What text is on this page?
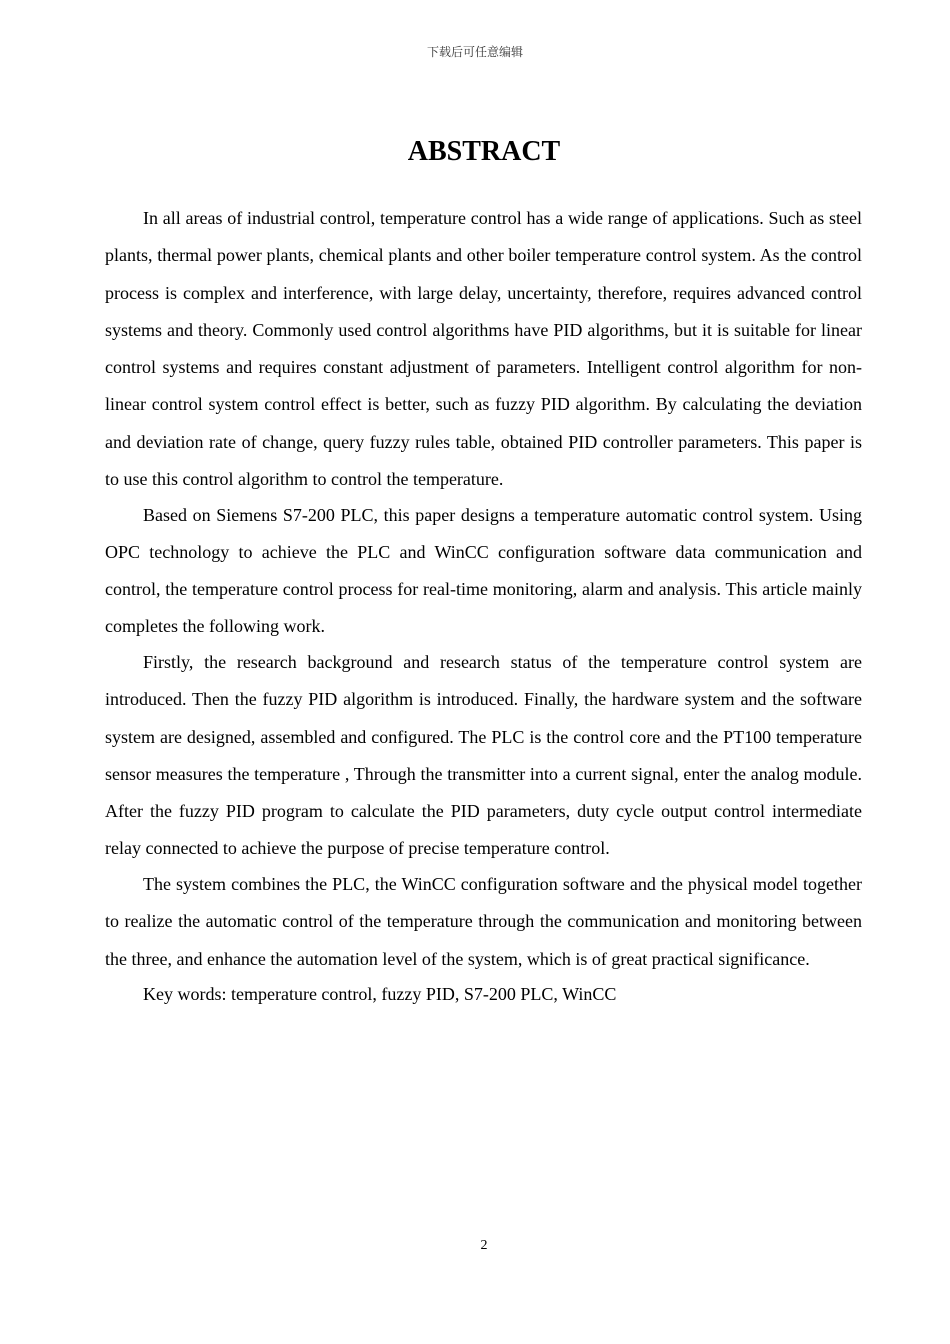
下载后可任意编辑
ABSTRACT

In all areas of industrial control, temperature control has a wide range of applications. Such as steel plants, thermal power plants, chemical plants and other boiler temperature control system. As the control process is complex and interference, with large delay, uncertainty, therefore, requires advanced control systems and theory. Commonly used control algorithms have PID algorithms, but it is suitable for linear control systems and requires constant adjustment of parameters. Intelligent control algorithm for non-linear control system control effect is better, such as fuzzy PID algorithm. By calculating the deviation and deviation rate of change, query fuzzy rules table, obtained PID controller parameters. This paper is to use this control algorithm to control the temperature.

Based on Siemens S7-200 PLC, this paper designs a temperature automatic control system. Using OPC technology to achieve the PLC and WinCC configuration software data communication and control, the temperature control process for real-time monitoring, alarm and analysis. This article mainly completes the following work.

Firstly, the research background and research status of the temperature control system are introduced. Then the fuzzy PID algorithm is introduced. Finally, the hardware system and the software system are designed, assembled and configured. The PLC is the control core and the PT100 temperature sensor measures the temperature , Through the transmitter into a current signal, enter the analog module. After the fuzzy PID program to calculate the PID parameters, duty cycle output control intermediate relay connected to achieve the purpose of precise temperature control.

The system combines the PLC, the WinCC configuration software and the physical model together to realize the automatic control of the temperature through the communication and monitoring between the three, and enhance the automation level of the system, which is of great practical significance.

Key words: temperature control, fuzzy PID, S7-200 PLC, WinCC

2
